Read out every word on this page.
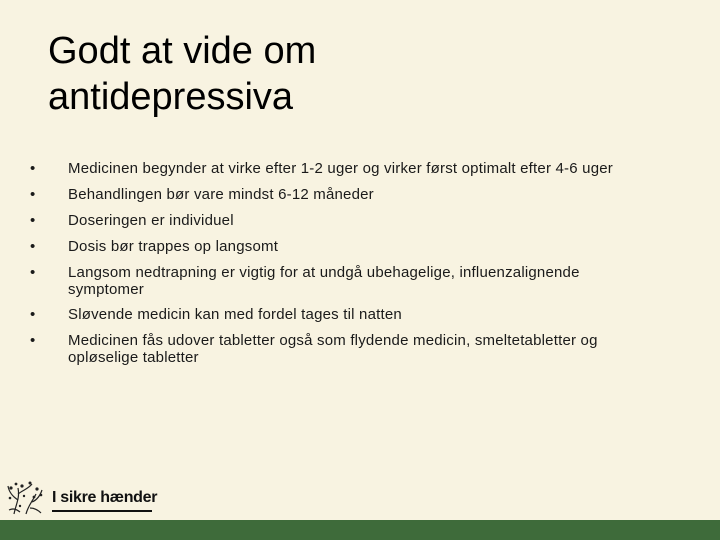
Godt at vide om
antidepressiva
•	Medicinen begynder at virke efter 1-2 uger og virker først optimalt efter 4-6 uger
•	Behandlingen bør vare mindst 6-12 måneder
•	Doseringen er individuel
•	Dosis bør trappes op langsomt
•	Langsom nedtrapning er vigtig for at undgå ubehagelige, influenzalignende
symptomer
•	Sløvende medicin kan med fordel tages til natten
•	Medicinen fås udover tabletter også som flydende medicin, smeltetabletter og
opløselige tabletter
I sikre hænder
